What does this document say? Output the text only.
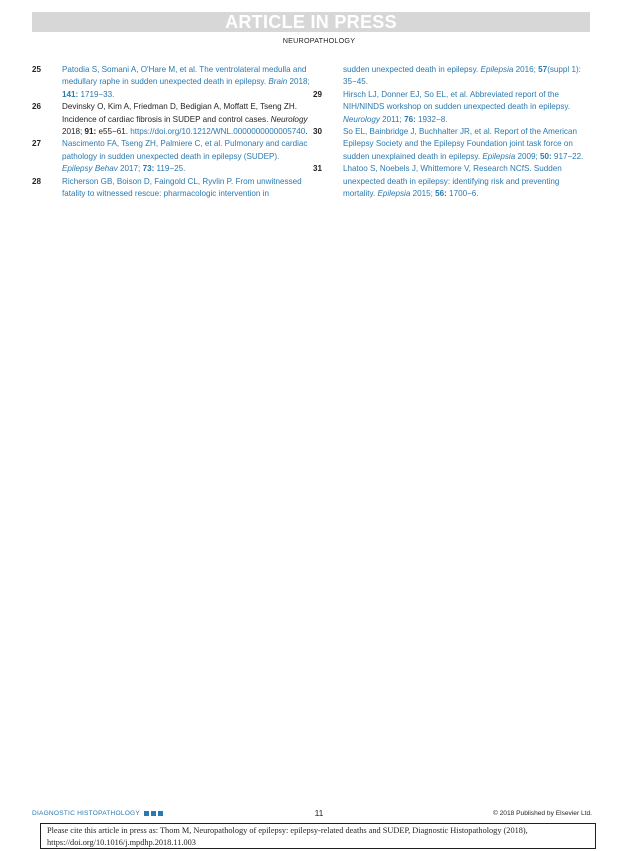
ARTICLE IN PRESS
NEUROPATHOLOGY
25	Patodia S, Somani A, O'Hare M, et al. The ventrolateral medulla and medullary raphe in sudden unexpected death in epilepsy. Brain 2018; 141: 1719−33.
26	Devinsky O, Kim A, Friedman D, Bedigian A, Moffatt E, Tseng ZH. Incidence of cardiac fibrosis in SUDEP and control cases. Neurology 2018; 91: e55−61. https://doi.org/10.1212/WNL.0000000000005740.
27	Nascimento FA, Tseng ZH, Palmiere C, et al. Pulmonary and cardiac pathology in sudden unexpected death in epilepsy (SUDEP). Epilepsy Behav 2017; 73: 119−25.
28	Richerson GB, Boison D, Faingold CL, Ryvlin P. From unwitnessed fatality to witnessed rescue: pharmacologic intervention in
sudden unexpected death in epilepsy. Epilepsia 2016; 57(suppl 1): 35−45.
29	Hirsch LJ, Donner EJ, So EL, et al. Abbreviated report of the NIH/NINDS workshop on sudden unexpected death in epilepsy. Neurology 2011; 76: 1932−8.
30	So EL, Bainbridge J, Buchhalter JR, et al. Report of the American Epilepsy Society and the Epilepsy Foundation joint task force on sudden unexplained death in epilepsy. Epilepsia 2009; 50: 917−22.
31	Lhatoo S, Noebels J, Whittemore V, Research NCfS. Sudden unexpected death in epilepsy: identifying risk and preventing mortality. Epilepsia 2015; 56: 1700−6.
DIAGNOSTIC HISTOPATHOLOGY	11	© 2018 Published by Elsevier Ltd.
Please cite this article in press as: Thom M, Neuropathology of epilepsy: epilepsy-related deaths and SUDEP, Diagnostic Histopathology (2018), https://doi.org/10.1016/j.mpdhp.2018.11.003
